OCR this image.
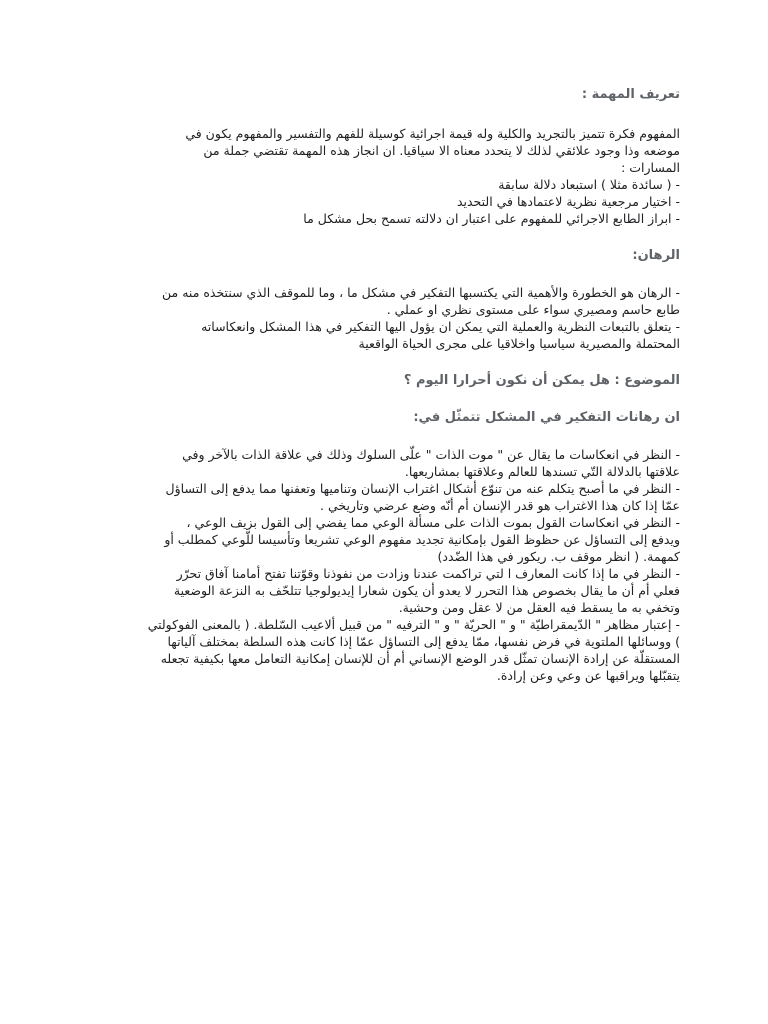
تعريف المهمة :
المفهوم فكرة تتميز بالتجريد والكلية وله قيمة اجرائية كوسيلة للفهم والتفسير والمفهوم يكون في
موضعه وذا وجود علائقي لذلك لا يتحدد معناه الا سياقيا. ان انجاز هذه المهمة تقتضي جملة من
المسارات :
- ( سائدة مثلا ) استبعاد دلالة سابقة
- اختيار مرجعية نظرية لاعتمادها في التحديد
- ابراز الطابع الاجرائي للمفهوم على اعتبار ان دلالته تسمح بحل مشكل ما
الرهان:
- الرهان هو الخطورة والأهمية التي يكتسبها التفكير في مشكل ما ، وما للموقف الذي سنتخذه منه من
طابع حاسم ومصيري سواء على مستوى نظري او عملي .
- يتعلق بالتبعات النظرية والعملية التي يمكن ان يؤول اليها التفكير في هذا المشكل وانعكاساته
المحتملة والمصيرية سياسيا واخلاقيا على مجرى الحياة الواقعية
الموضوع : هل يمكن أن نكون أحرارا اليوم ؟
ان رهانات التفكير في المشكل تتمثّل في:
- النظر في انعكاسات ما يقال عن " موت الذات " علّى السلوك وذلك في علاقة الذات بالآخر وفي
علاقتها بالدلالة التّي تسندها للعالم وعلاقتها بمشاريعها.
- النظر في ما أصبح يتكلم عنه من تنوّع أشكال اغتراب الإنسان وتناميها وتعفنها مما يدفع إلى التساؤل
عمّا إذا كان هذا الاغتراب هو قدر الإنسان أم أنّه وضع عرضي وتاريخي .
- النظر في انعكاسات القول بموت الذات على مسألة الوعي مما يفضي إلى القول بزيف الوعي ،
ويدفع إلى التساؤل عن حظوظ القول بإمكانية تجديد مفهوم الوعي تشريعا وتأسيسا للّوعي كمطلب أو
كمهمة. ( انظر موقف ب. ريكور في هذا الضّدد)
- النظر في ما إذا كانت المعارف ا لتي تراكمت عندنا وزادت من نفوذنا وقوّتنا تفتح أمامنا آفاق تحرّر
فعلي أم أن ما يقال بخصوص هذا التحرر لا يعدو أن يكون شعارا إيديولوجيا تتلحّف به النزعة الوضعية
وتخفي به ما يسقط فيه العقل من لا عقل ومن وحشية.
- إعتبار مظاهر " الدّيمقراطيّة " و " الحريّة " و " الترفيه " من قبيل ألاعيب السّلطة. ( بالمعنى الفوكولتي
) ووسائلها الملتوية في فرض نفسها، ممّا يدفع إلى التساؤل عمّا إذا كانت هذه السلطة بمختلف آلياتها
المستقلّة عن إرادة الإنسان تمثّل قدر الوضع الإنساني أم أن للإنسان إمكانية التعامل معها بكيفية تجعله
يتقبّلها ويراقبها عن وعي وعن إرادة.
